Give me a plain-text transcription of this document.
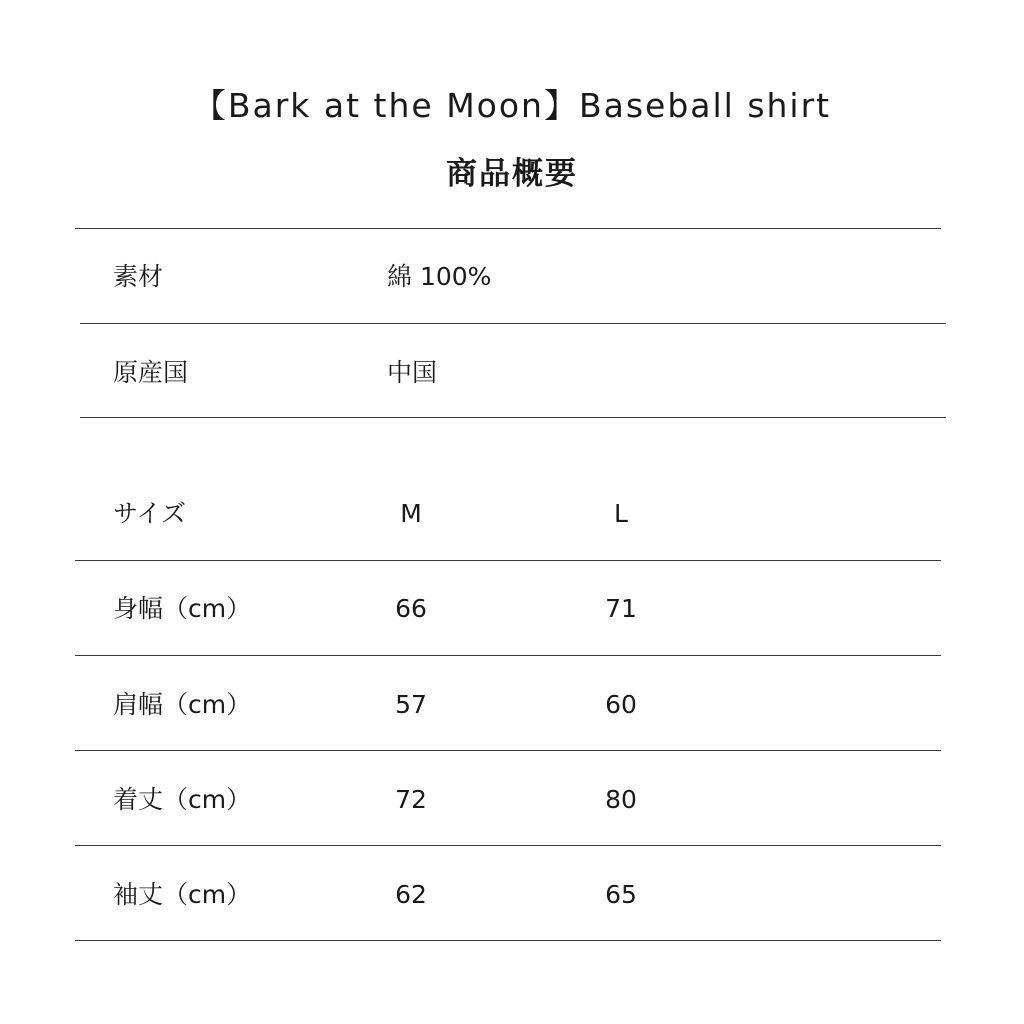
【Bark at the Moon】Baseball shirt
商品概要
素材	綿 100%
原産国	中国
サイズ	M	L
身幅（cm）	66	71
肩幅（cm）	57	60
着丈（cm）	72	80
袖丈（cm）	62	65
